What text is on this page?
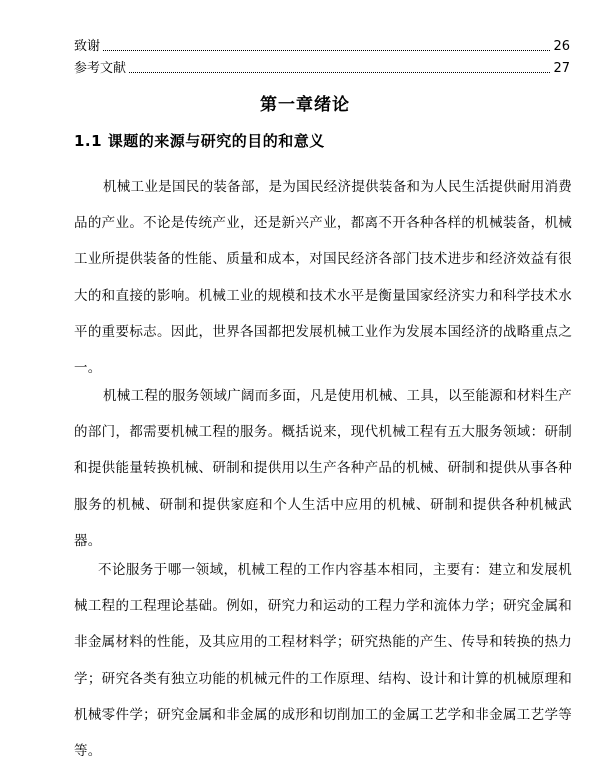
致谢	26
参考文献	27
第一章绪论
1.1 课题的来源与研究的目的和意义
机械工业是国民的装备部，是为国民经济提供装备和为人民生活提供耐用消费品的产业。不论是传统产业，还是新兴产业，都离不开各种各样的机械装备，机械工业所提供装备的性能、质量和成本，对国民经济各部门技术进步和经济效益有很大的和直接的影响。机械工业的规模和技术水平是衡量国家经济实力和科学技术水平的重要标志。因此，世界各国都把发展机械工业作为发展本国经济的战略重点之一。
机械工程的服务领域广阔而多面，凡是使用机械、工具，以至能源和材料生产的部门，都需要机械工程的服务。概括说来，现代机械工程有五大服务领域：研制和提供能量转换机械、研制和提供用以生产各种产品的机械、研制和提供从事各种服务的机械、研制和提供家庭和个人生活中应用的机械、研制和提供各种机械武器。
不论服务于哪一领域，机械工程的工作内容基本相同，主要有：建立和发展机械工程的工程理论基础。例如，研究力和运动的工程力学和流体力学；研究金属和非金属材料的性能，及其应用的工程材料学；研究热能的产生、传导和转换的热力学；研究各类有独立功能的机械元件的工作原理、结构、设计和计算的机械原理和机械零件学；研究金属和非金属的成形和切削加工的金属工艺学和非金属工艺学等等。
